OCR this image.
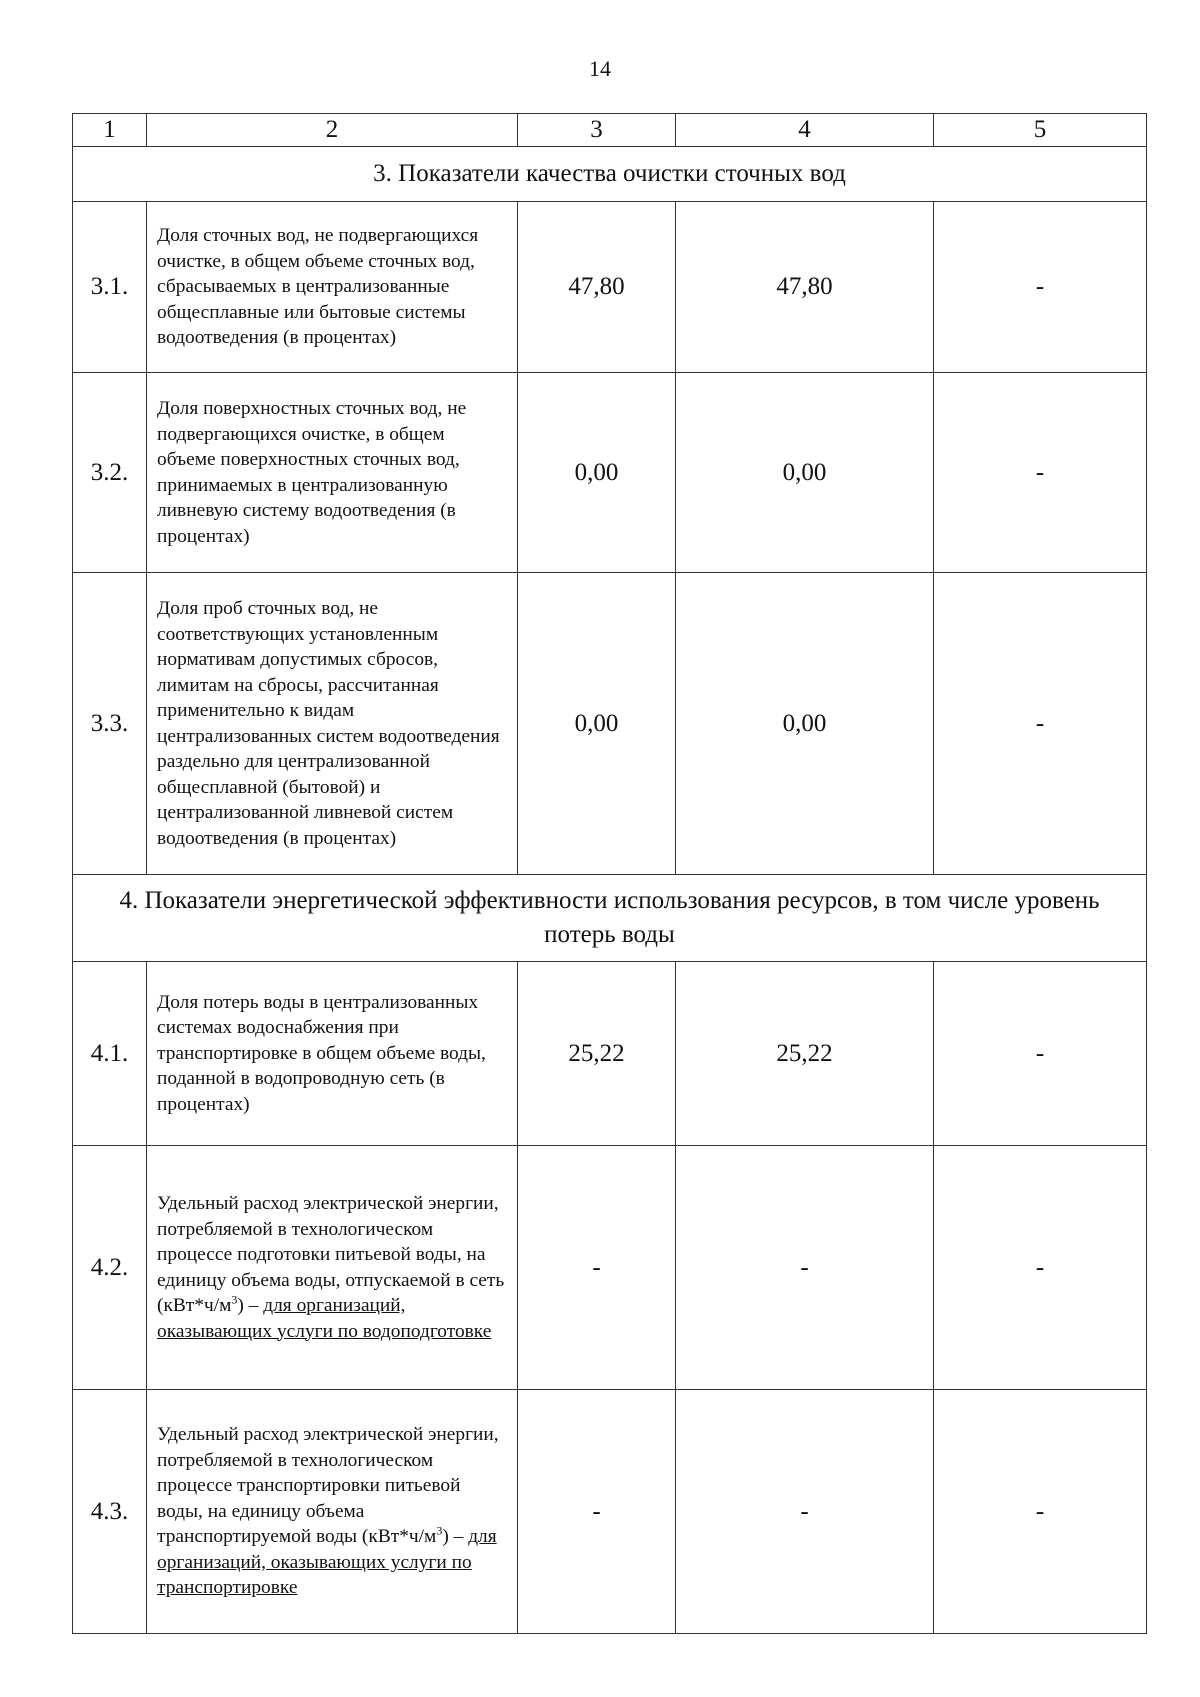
14
1	2	3	4	5
3. Показатели качества очистки сточных вод				
3.1.	Доля сточных вод, не подвергающихся очистке, в общем объеме сточных вод, сбрасываемых в централизованные общесплавные или бытовые системы водоотведения (в процентах)	47,80	47,80	-
3.2.	Доля поверхностных сточных вод, не подвергающихся очистке, в общем объеме поверхностных сточных вод, принимаемых в централизованную ливневую систему водоотведения (в процентах)	0,00	0,00	-
3.3.	Доля проб сточных вод, не соответствующих установленным нормативам допустимых сбросов, лимитам на сбросы, рассчитанная применительно к видам централизованных систем водоотведения раздельно для централизованной общесплавной (бытовой) и централизованной ливневой систем водоотведения (в процентах)	0,00	0,00	-
4. Показатели энергетической эффективности использования ресурсов, в том числе уровень потерь воды				
4.1.	Доля потерь воды в централизованных системах водоснабжения при транспортировке в общем объеме воды, поданной в водопроводную сеть (в процентах)	25,22	25,22	-
4.2.	Удельный расход электрической энергии, потребляемой в технологическом процессе подготовки питьевой воды, на единицу объема воды, отпускаемой в сеть $(кВт*ч/м^3)$ – для организаций, оказывающих услуги по водоподготовке	-	-	-
4.3.	Удельный расход электрической энергии, потребляемой в технологическом процессе транспортировки питьевой воды, на единицу объема транспортируемой воды $(кВт*ч/м^3)$ – для организаций, оказывающих услуги по транспортировке	-	-	-
